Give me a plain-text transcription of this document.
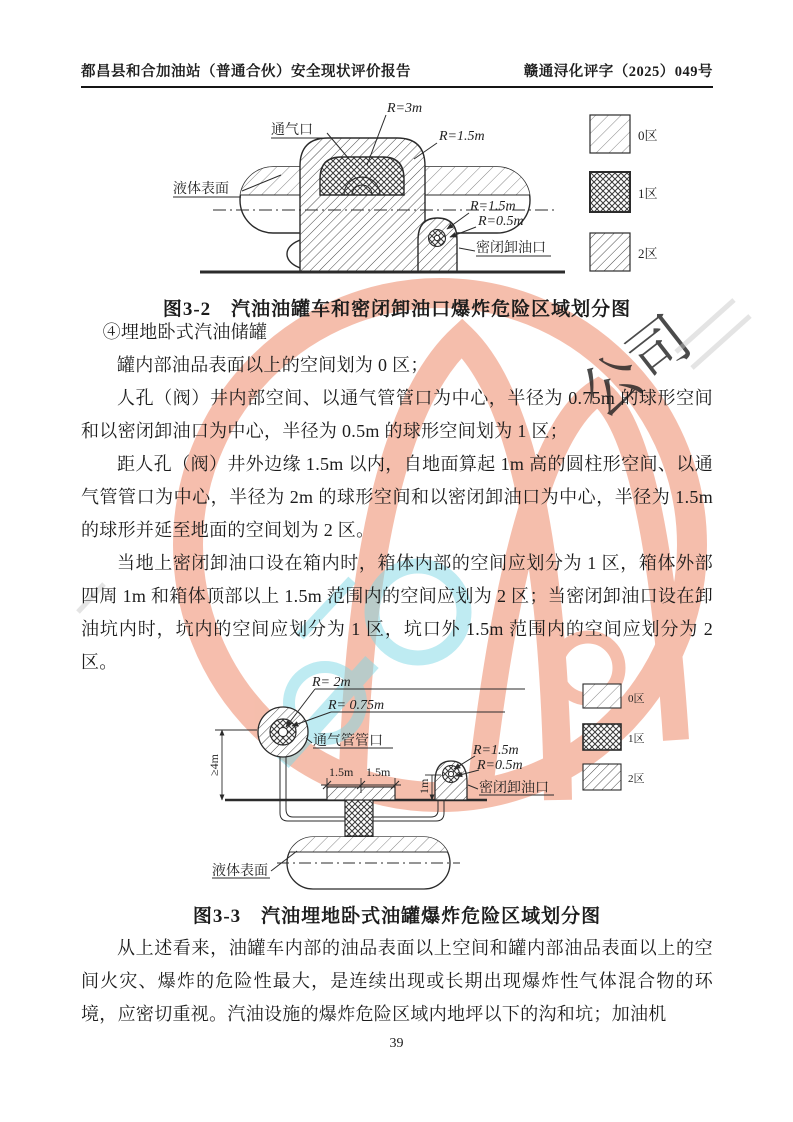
公司
都昌县和合加油站（普通合伙）安全现状评价报告	赣通浔化评字（2025）049号
通气口
R=3m
R=1.5m
液体表面
R=1.5m
R=0.5m
密闭卸油口
0区
1区
2区
图3-2　汽油油罐车和密闭卸油口爆炸危险区域划分图

④埋地卧式汽油储罐

罐内部油品表面以上的空间划为 0 区；

人孔（阀）井内部空间、以通气管管口为中心，半径为 0.75m 的球形空间和以密闭卸油口为中心，半径为 0.5m 的球形空间划为 1 区；

距人孔（阀）井外边缘 1.5m 以内，自地面算起 1m 高的圆柱形空间、以通气管管口为中心，半径为 2m 的球形空间和以密闭卸油口为中心，半径为 1.5m 的球形并延至地面的空间划为 2 区。

当地上密闭卸油口设在箱内时，箱体内部的空间应划分为 1 区，箱体外部四周 1m 和箱体顶部以上 1.5m 范围内的空间应划为 2 区；当密闭卸油口设在卸油坑内时，坑内的空间应划分为 1 区，坑口外 1.5m 范围内的空间应划分为 2 区。

R= 2m
R= 0.75m
通气管管口
≥4m	1.5m 1.5m
1m
R=1.5m
R=0.5m
密闭卸油口
液体表面
0区
1区
2区
图3-3　汽油埋地卧式油罐爆炸危险区域划分图

从上述看来，油罐车内部的油品表面以上空间和罐内部油品表面以上的空间火灾、爆炸的危险性最大，是连续出现或长期出现爆炸性气体混合物的环境，应密切重视。汽油设施的爆炸危险区域内地坪以下的沟和坑；加油机

39
